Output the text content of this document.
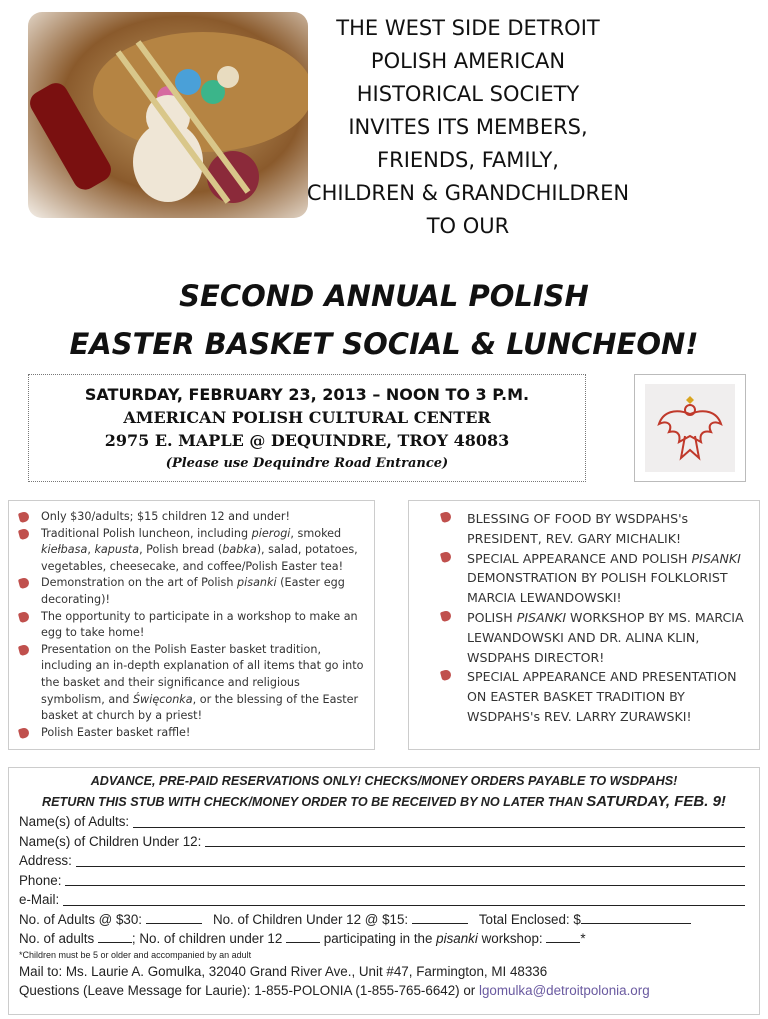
THE WEST SIDE DETROIT
POLISH AMERICAN
HISTORICAL SOCIETY
INVITES ITS MEMBERS,
FRIENDS, FAMILY,
CHILDREN & GRANDCHILDREN
TO OUR
SECOND ANNUAL POLISH
EASTER BASKET SOCIAL & LUNCHEON!
SATURDAY, FEBRUARY 23, 2013 – NOON TO 3 P.M.
AMERICAN POLISH CULTURAL CENTER
2975 E. MAPLE @ DEQUINDRE, TROY 48083
(Please use Dequindre Road Entrance)
Only $30/adults; $15 children 12 and under!
Traditional Polish luncheon, including pierogi, smoked kiełbasa, kapusta, Polish bread (babka), salad, potatoes, vegetables, cheesecake, and coffee/Polish Easter tea!
Demonstration on the art of Polish pisanki (Easter egg decorating)!
The opportunity to participate in a workshop to make an egg to take home!
Presentation on the Polish Easter basket tradition, including an in-depth explanation of all items that go into the basket and their significance and religious symbolism, and Święconka, or the blessing of the Easter basket at church by a priest!
Polish Easter basket raffle!
BLESSING OF FOOD BY WSDPAHS's PRESIDENT, REV. GARY MICHALIK!
SPECIAL APPEARANCE AND POLISH PISANKI DEMONSTRATION BY POLISH FOLKLORIST MARCIA LEWANDOWSKI!
POLISH PISANKI WORKSHOP BY MS. MARCIA LEWANDOWSKI AND DR. ALINA KLIN, WSDPAHS DIRECTOR!
SPECIAL APPEARANCE AND PRESENTATION ON EASTER BASKET TRADITION BY WSDPAHS's REV. LARRY ZURAWSKI!
ADVANCE, PRE-PAID RESERVATIONS ONLY! CHECKS/MONEY ORDERS PAYABLE TO WSDPAHS!
RETURN THIS STUB WITH CHECK/MONEY ORDER TO BE RECEIVED BY NO LATER THAN SATURDAY, FEB. 9!
Name(s) of Adults:
Name(s) of Children Under 12:
Address:
Phone:
e-Mail:
No. of Adults @ $30:	No. of Children Under 12 @ $15:	Total Enclosed: $
No. of adults	; No. of children under 12	participating in the pisanki workshop:	*
*Children must be 5 or older and accompanied by an adult
Mail to: Ms. Laurie A. Gomulka, 32040 Grand River Ave., Unit #47, Farmington, MI 48336
Questions (Leave Message for Laurie): 1-855-POLONIA (1-855-765-6642) or lgomulka@detroitpolonia.org
